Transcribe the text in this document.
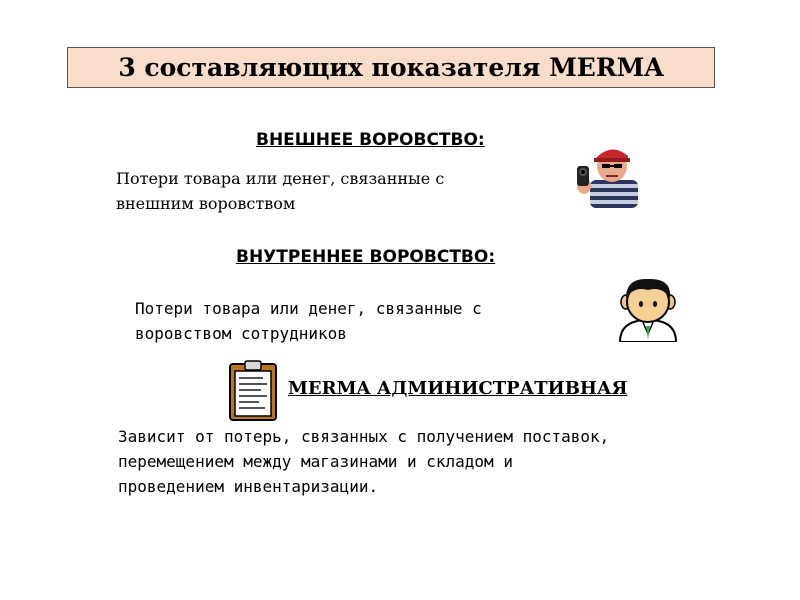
3 составляющих показателя MERMA
ВНЕШНЕЕ ВОРОВСТВО:
Потери товара или денег, связанные с
внешним воровством
ВНУТРЕННЕЕ ВОРОВСТВО:
Потери товара или денег, связанные с
воровством сотрудников
MERMA АДМИНИСТРАТИВНАЯ
Зависит от потерь, связанных с получением поставок,
перемещением между магазинами и складом и
проведением инвентаризации.
